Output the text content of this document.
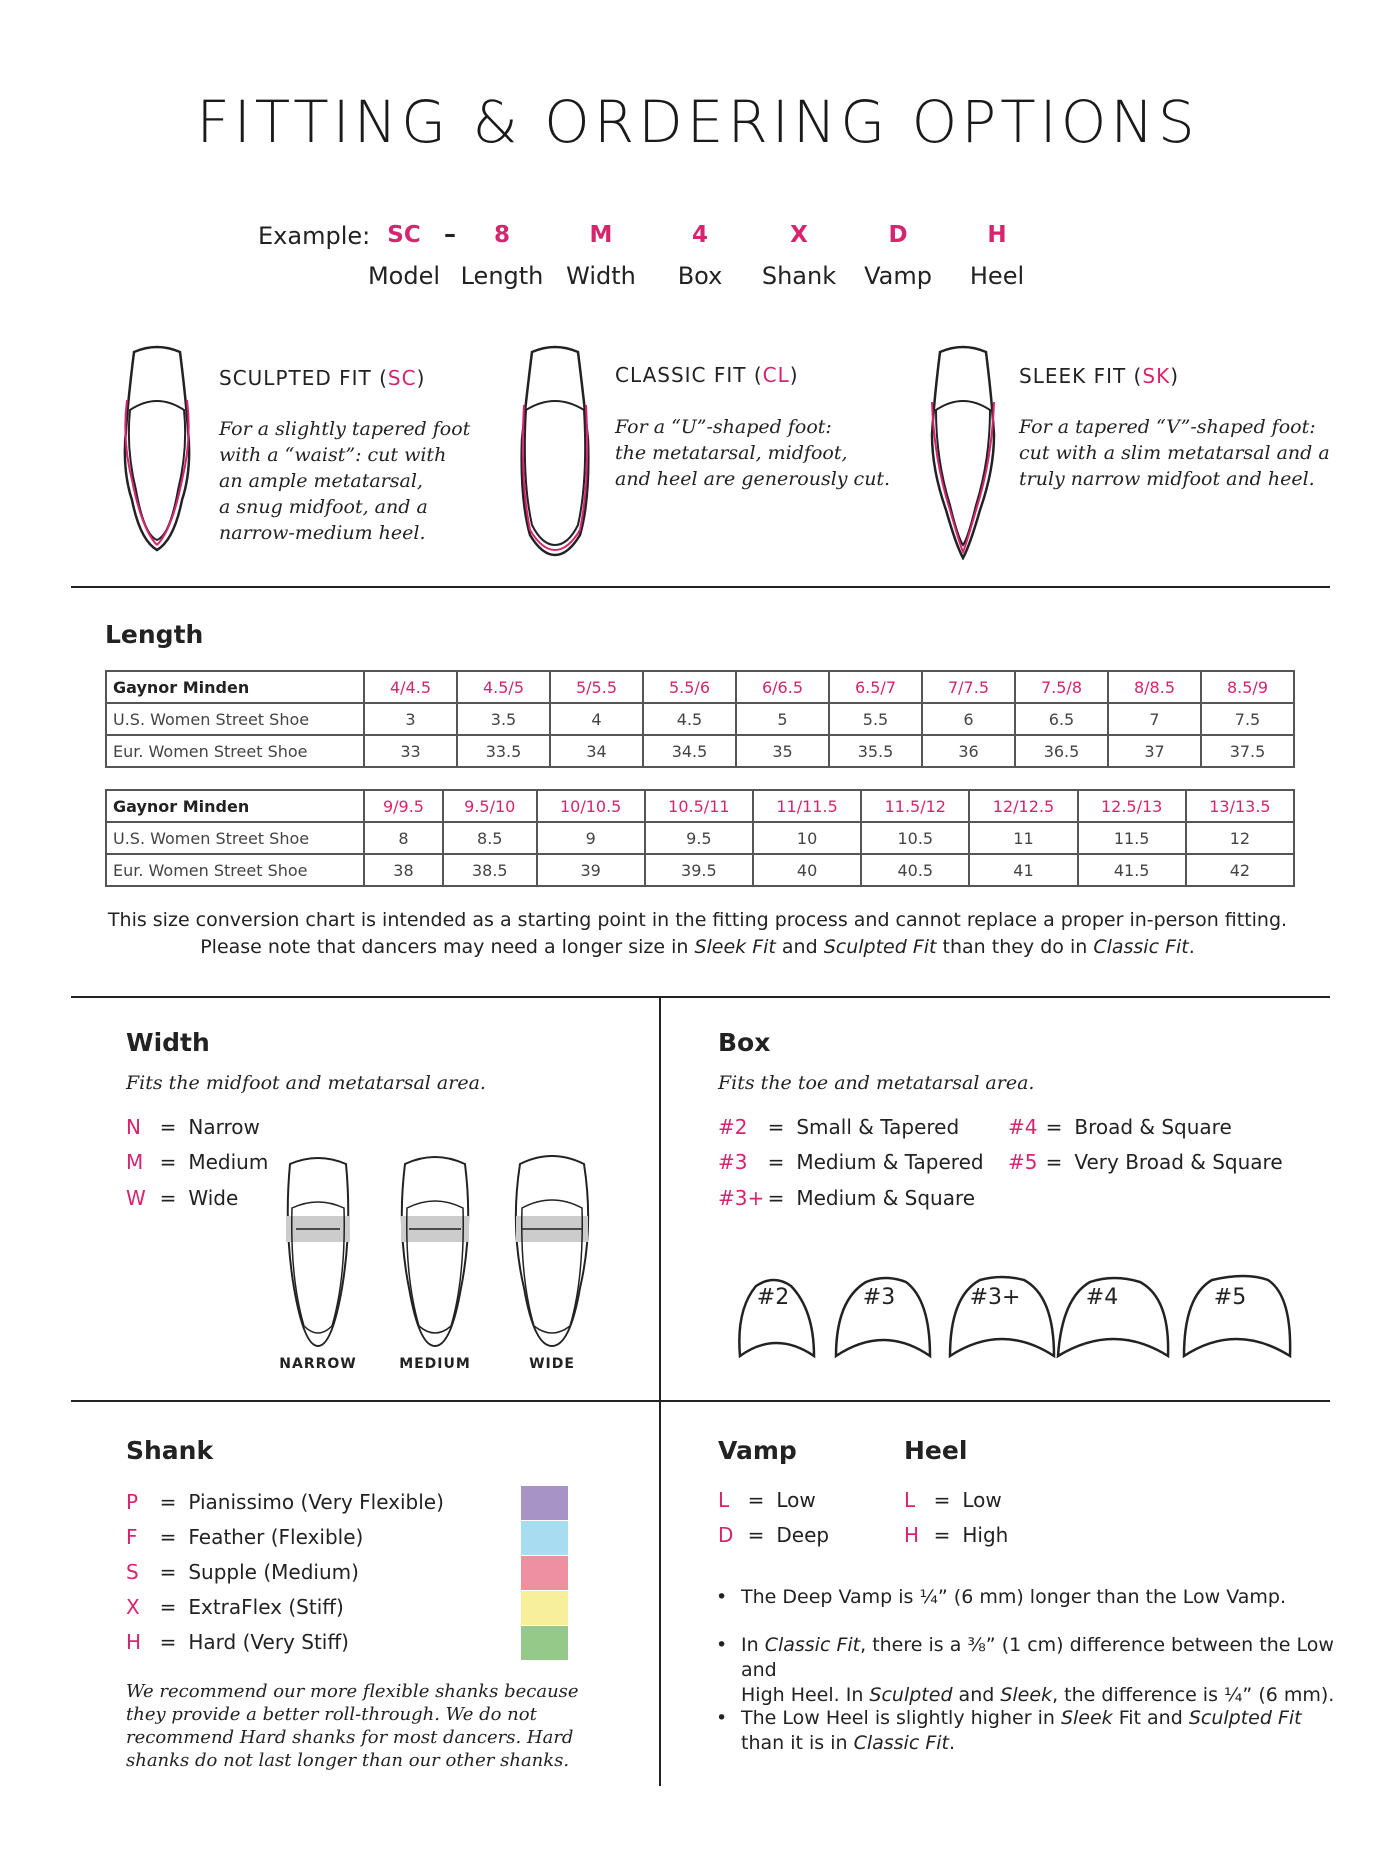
FITTING & ORDERING OPTIONS
Example: SC –	8	M	4	X	D	H
Model Length Width	Box	Shank	Vamp	Heel
SCULPTED FIT (SC)
For a slightly tapered foot
with a “waist”: cut with
an ample metatarsal,
a snug midfoot, and a
narrow-medium heel.
CLASSIC FIT (CL)
For a “U”-shaped foot:
the metatarsal, midfoot,
and heel are generously cut.
SLEEK FIT (SK)
For a tapered “V”-shaped foot:
cut with a slim metatarsal and a
truly narrow midfoot and heel.
Length
Gaynor Minden	4/4.5	4.5/5	5/5.5	5.5/6	6/6.5	6.5/7	7/7.5	7.5/8	8/8.5	8.5/9
U.S. Women Street Shoe	3	3.5	4	4.5	5	5.5	6	6.5	7	7.5
Eur. Women Street Shoe	33	33.5	34	34.5	35	35.5	36	36.5	37	37.5
Gaynor Minden	9/9.5	9.5/10	10/10.5	10.5/11	11/11.5	11.5/12	12/12.5	12.5/13	13/13.5
U.S. Women Street Shoe	8	8.5	9	9.5	10	10.5	11	11.5	12
Eur. Women Street Shoe	38	38.5	39	39.5	40	40.5	41	41.5	42
This size conversion chart is intended as a starting point in the fitting process and cannot replace a proper in-person fitting.
Please note that dancers may need a longer size in Sleek Fit and Sculpted Fit than they do in Classic Fit.
Width
Fits the midfoot and metatarsal area.
N = Narrow
M = Medium
W = Wide
NARROW	MEDIUM	WIDE
Box
Fits the toe and metatarsal area.
#2 = Small & Tapered
#3 = Medium & Tapered
#3+ = Medium & Square
#4 = Broad & Square
#5 = Very Broad & Square
#2	#3	#3+	#4	#5
Shank
P = Pianissimo (Very Flexible)
F = Feather (Flexible)
S = Supple (Medium)
X = ExtraFlex (Stiff)
H = Hard (Very Stiff)
We recommend our more flexible shanks because
they provide a better roll-through. We do not
recommend Hard shanks for most dancers. Hard
shanks do not last longer than our other shanks.
Vamp
L = Low
D = Deep
Heel
L = Low
H = High
• The Deep Vamp is ¼” (6 mm) longer than the Low Vamp.
• In Classic Fit, there is a ⅜” (1 cm) difference between the Low and
High Heel. In Sculpted and Sleek, the difference is ¼” (6 mm).
• The Low Heel is slightly higher in Sleek Fit and Sculpted Fit
than it is in Classic Fit.
